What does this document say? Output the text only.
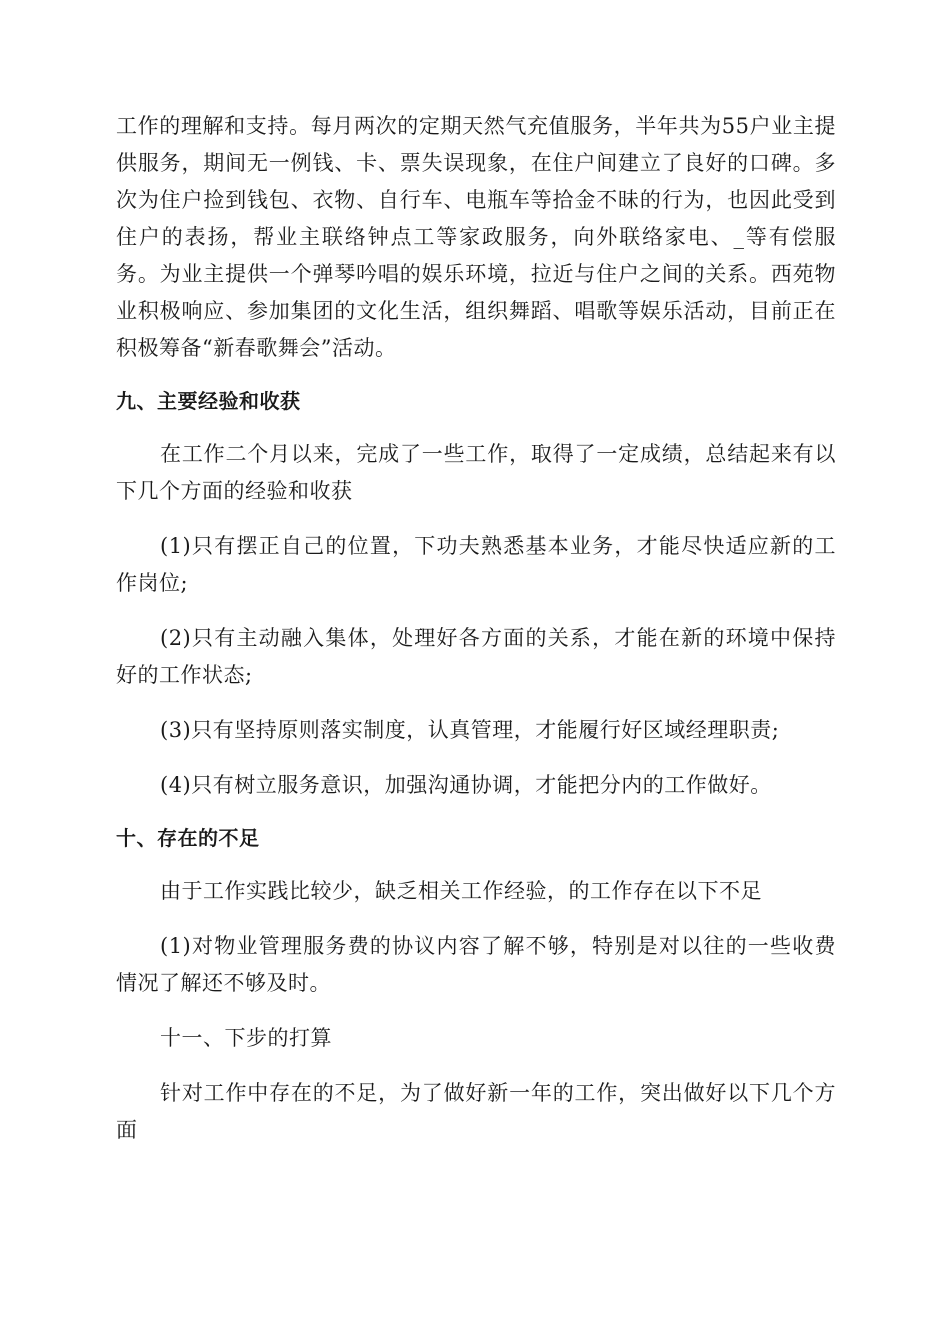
工作的理解和支持。每月两次的定期天然气充值服务，半年共为55户业主提供服务，期间无一例钱、卡、票失误现象，在住户间建立了良好的口碑。多次为住户捡到钱包、衣物、自行车、电瓶车等拾金不昧的行为，也因此受到住户的表扬，帮业主联络钟点工等家政服务，向外联络家电、_等有偿服务。为业主提供一个弹琴吟唱的娱乐环境，拉近与住户之间的关系。西苑物业积极响应、参加集团的文化生活，组织舞蹈、唱歌等娱乐活动，目前正在积极筹备“新春歌舞会”活动。

九、主要经验和收获

在工作二个月以来，完成了一些工作，取得了一定成绩，总结起来有以下几个方面的经验和收获

(1)只有摆正自己的位置，下功夫熟悉基本业务，才能尽快适应新的工作岗位;

(2)只有主动融入集体，处理好各方面的关系，才能在新的环境中保持好的工作状态;

(3)只有坚持原则落实制度，认真管理，才能履行好区域经理职责;

(4)只有树立服务意识，加强沟通协调，才能把分内的工作做好。

十、存在的不足

由于工作实践比较少，缺乏相关工作经验，的工作存在以下不足

(1)对物业管理服务费的协议内容了解不够，特别是对以往的一些收费情况了解还不够及时。

十一、下步的打算

针对工作中存在的不足，为了做好新一年的工作，突出做好以下几个方面
